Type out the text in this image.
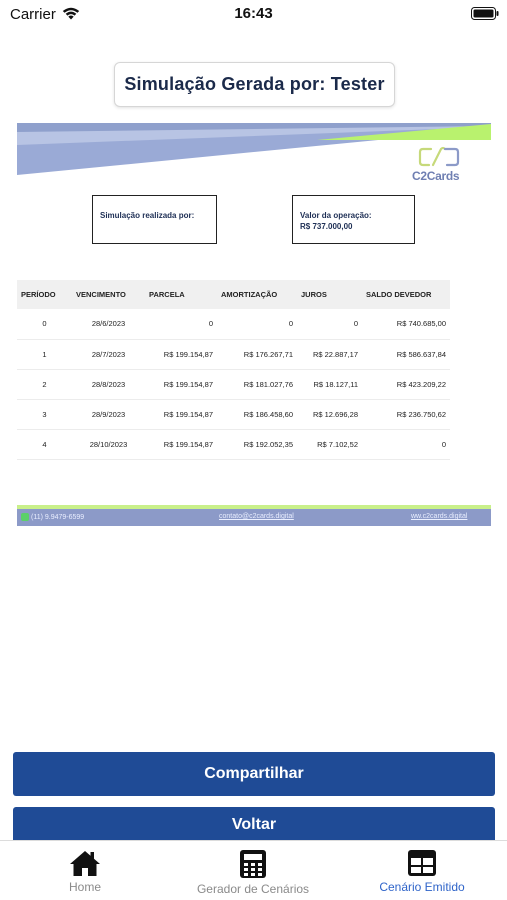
Carrier	16:43
Simulação Gerada por: Tester
C2Cards
Simulação realizada por:	Valor da operação:
R$ 737.000,00
PERÍODO	VENCIMENTO	PARCELA	AMORTIZAÇÃO	JUROS	SALDO DEVEDOR
0	28/6/2023	0	0	0	R$ 740.685,00
1	28/7/2023	R$ 199.154,87	R$ 176.267,71	R$ 22.887,17	R$ 586.637,84
2	28/8/2023	R$ 199.154,87	R$ 181.027,76	R$ 18.127,11	R$ 423.209,22
3	28/9/2023	R$ 199.154,87	R$ 186.458,60	R$ 12.696,28	R$ 236.750,62
4	28/10/2023	R$ 199.154,87	R$ 192.052,35	R$ 7.102,52	0
(11) 9.9479-6599	contato@c2cards.digital	ww.c2cards.digital
Compartilhar
Voltar
Home	Gerador de Cenários	Cenário Emitido
